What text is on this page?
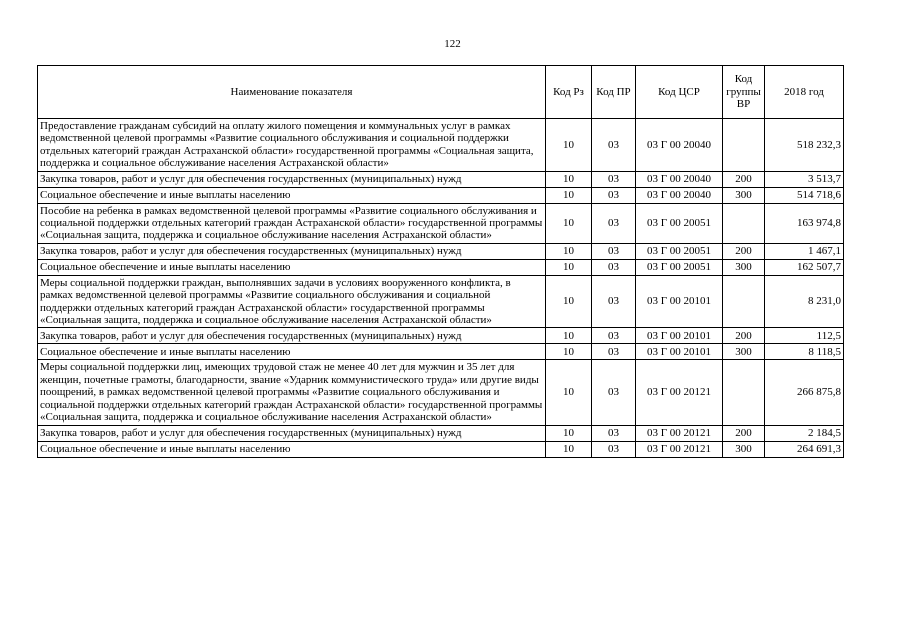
122
Наименование показателя	Код Рз	Код ПР	Код ЦСР	Код группы ВР	2018 год
Предоставление гражданам субсидий на оплату жилого помещения и коммунальных услуг в рамках ведомственной целевой программы «Развитие социального обслуживания и социальной поддержки отдельных категорий граждан Астраханской области» государственной программы «Социальная защита, поддержка и социальное обслуживание населения Астраханской области»	10	03	03 Г 00 20040		518 232,3
Закупка товаров, работ и услуг для обеспечения государственных (муниципальных) нужд	10	03	03 Г 00 20040	200	3 513,7
Социальное обеспечение и иные выплаты населению	10	03	03 Г 00 20040	300	514 718,6
Пособие на ребенка в рамках ведомственной целевой программы «Развитие социального обслуживания и социальной поддержки отдельных категорий граждан Астраханской области» государственной программы «Социальная защита, поддержка и социальное обслуживание населения Астраханской области»	10	03	03 Г 00 20051		163 974,8
Закупка товаров, работ и услуг для обеспечения государственных (муниципальных) нужд	10	03	03 Г 00 20051	200	1 467,1
Социальное обеспечение и иные выплаты населению	10	03	03 Г 00 20051	300	162 507,7
Меры социальной поддержки граждан, выполнявших задачи в условиях вооруженного конфликта, в рамках ведомственной целевой программы «Развитие социального обслуживания и социальной поддержки отдельных категорий граждан Астраханской области» государственной программы «Социальная защита, поддержка и социальное обслуживание населения Астраханской области»	10	03	03 Г 00 20101		8 231,0
Закупка товаров, работ и услуг для обеспечения государственных (муниципальных) нужд	10	03	03 Г 00 20101	200	112,5
Социальное обеспечение и иные выплаты населению	10	03	03 Г 00 20101	300	8 118,5
Меры социальной поддержки лиц, имеющих трудовой стаж не менее 40 лет для мужчин и 35 лет для женщин, почетные грамоты, благодарности, звание «Ударник коммунистического труда» или другие виды поощрений, в рамках ведомственной целевой программы «Развитие социального обслуживания и социальной поддержки отдельных категорий граждан Астраханской области» государственной программы «Социальная защита, поддержка и социальное обслуживание населения Астраханской области»	10	03	03 Г 00 20121		266 875,8
Закупка товаров, работ и услуг для обеспечения государственных (муниципальных) нужд	10	03	03 Г 00 20121	200	2 184,5
Социальное обеспечение и иные выплаты населению	10	03	03 Г 00 20121	300	264 691,3
